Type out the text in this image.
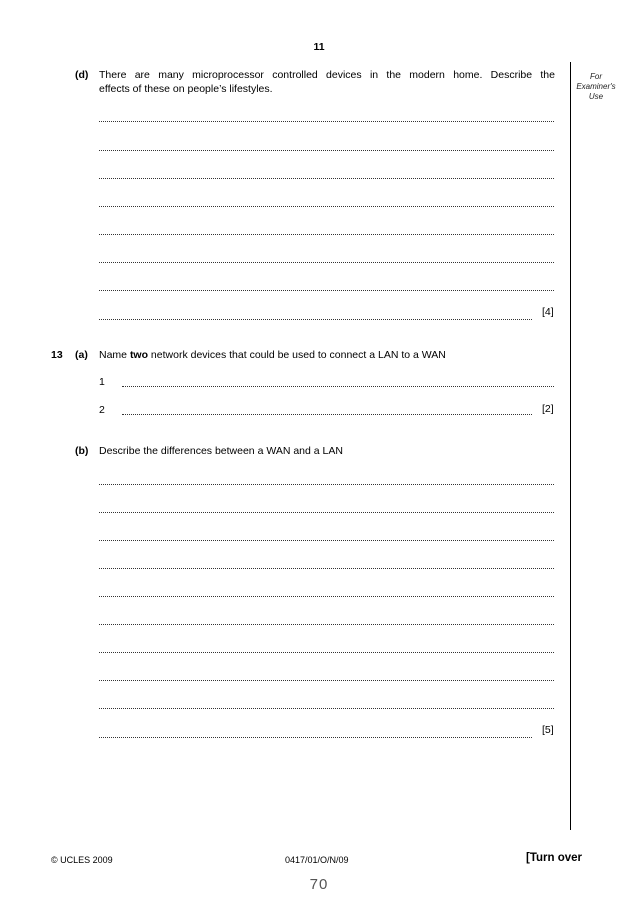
11
For
Examiner's
Use
(d) There are many microprocessor controlled devices in the modern home. Describe the
effects of these on people’s lifestyles.
[4]
13 (a) Name two network devices that could be used to connect a LAN to a WAN
1
2	[2]
(b) Describe the differences between a WAN and a LAN
[5]
© UCLES 2009	0417/01/O/N/09	[Turn over
70
